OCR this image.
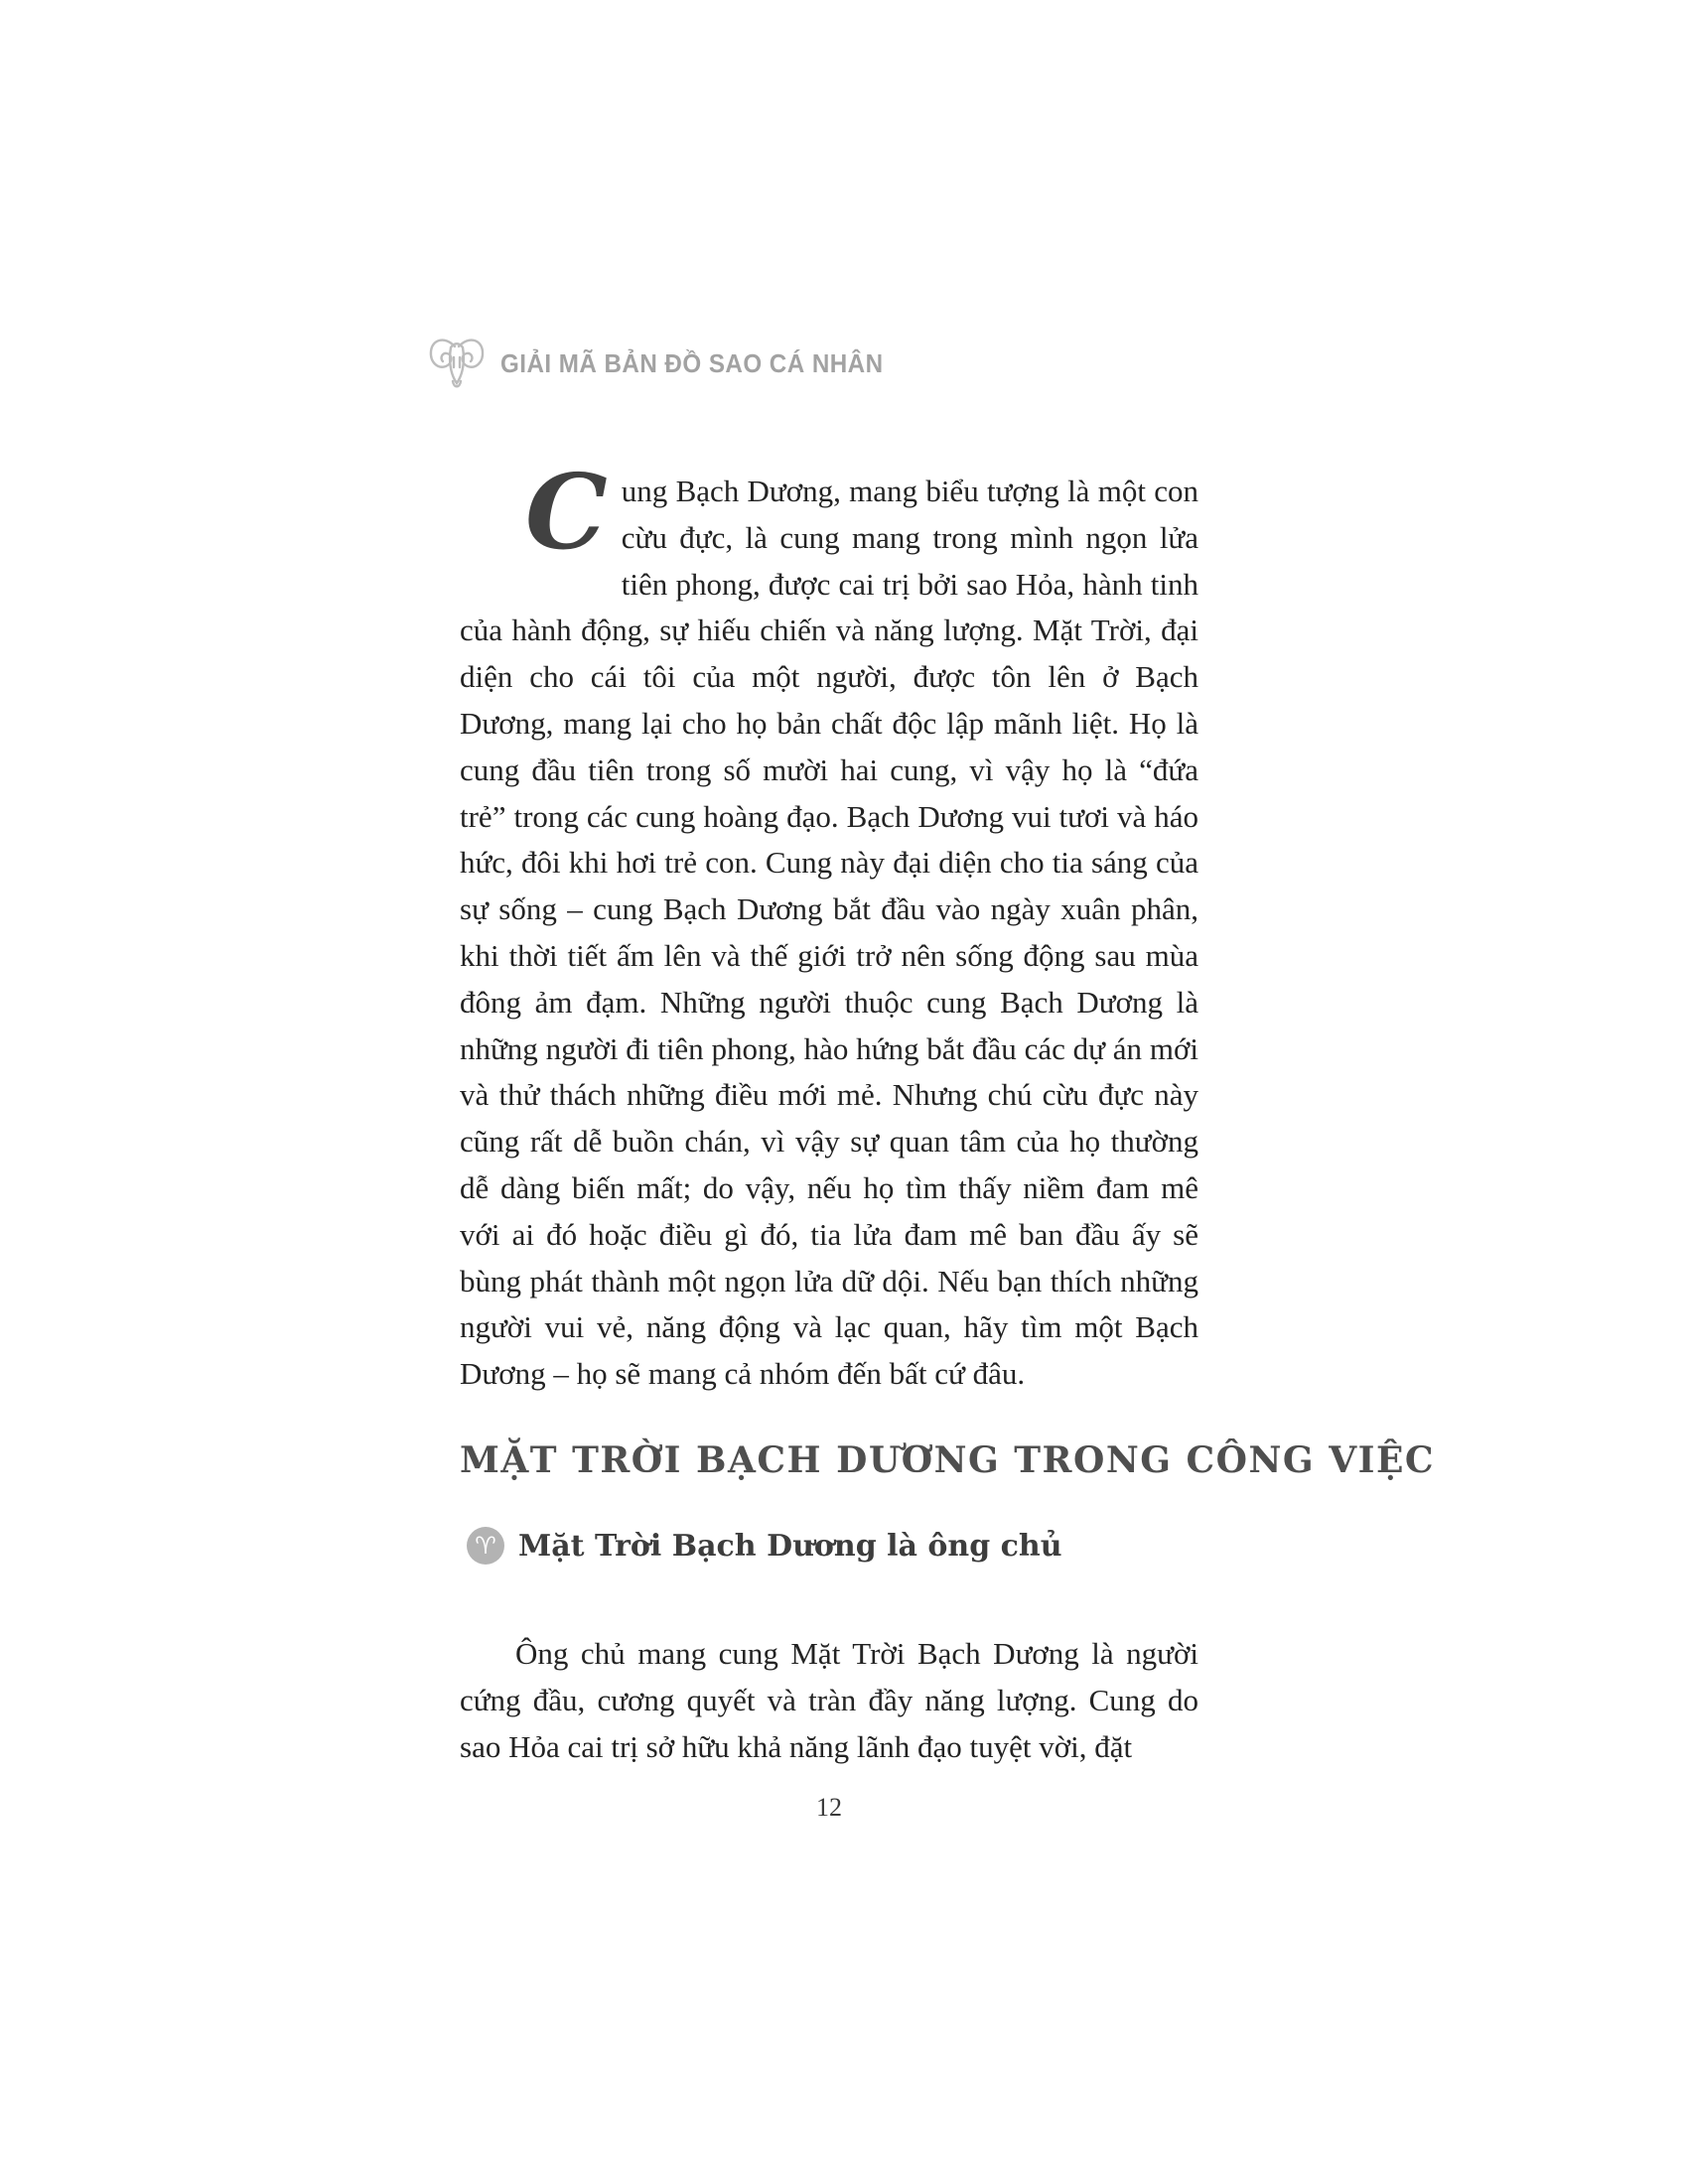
GIẢI MÃ BẢN ĐỒ SAO CÁ NHÂN

Cung Bạch Dương, mang biểu tượng là một con cừu đực, là cung mang trong mình ngọn lửa tiên phong, được cai trị bởi sao Hỏa, hành tinh của hành động, sự hiếu chiến và năng lượng. Mặt Trời, đại diện cho cái tôi của một người, được tôn lên ở Bạch Dương, mang lại cho họ bản chất độc lập mãnh liệt. Họ là cung đầu tiên trong số mười hai cung, vì vậy họ là “đứa trẻ” trong các cung hoàng đạo. Bạch Dương vui tươi và háo hức, đôi khi hơi trẻ con. Cung này đại diện cho tia sáng của sự sống – cung Bạch Dương bắt đầu vào ngày xuân phân, khi thời tiết ấm lên và thế giới trở nên sống động sau mùa đông ảm đạm. Những người thuộc cung Bạch Dương là những người đi tiên phong, hào hứng bắt đầu các dự án mới và thử thách những điều mới mẻ. Nhưng chú cừu đực này cũng rất dễ buồn chán, vì vậy sự quan tâm của họ thường dễ dàng biến mất; do vậy, nếu họ tìm thấy niềm đam mê với ai đó hoặc điều gì đó, tia lửa đam mê ban đầu ấy sẽ bùng phát thành một ngọn lửa dữ dội. Nếu bạn thích những người vui vẻ, năng động và lạc quan, hãy tìm một Bạch Dương – họ sẽ mang cả nhóm đến bất cứ đâu.

MẶT TRỜI BẠCH DƯƠNG TRONG CÔNG VIỆC
♈ Mặt Trời Bạch Dương là ông chủ

Ông chủ mang cung Mặt Trời Bạch Dương là người cứng đầu, cương quyết và tràn đầy năng lượng. Cung do sao Hỏa cai trị sở hữu khả năng lãnh đạo tuyệt vời, đặt

12
